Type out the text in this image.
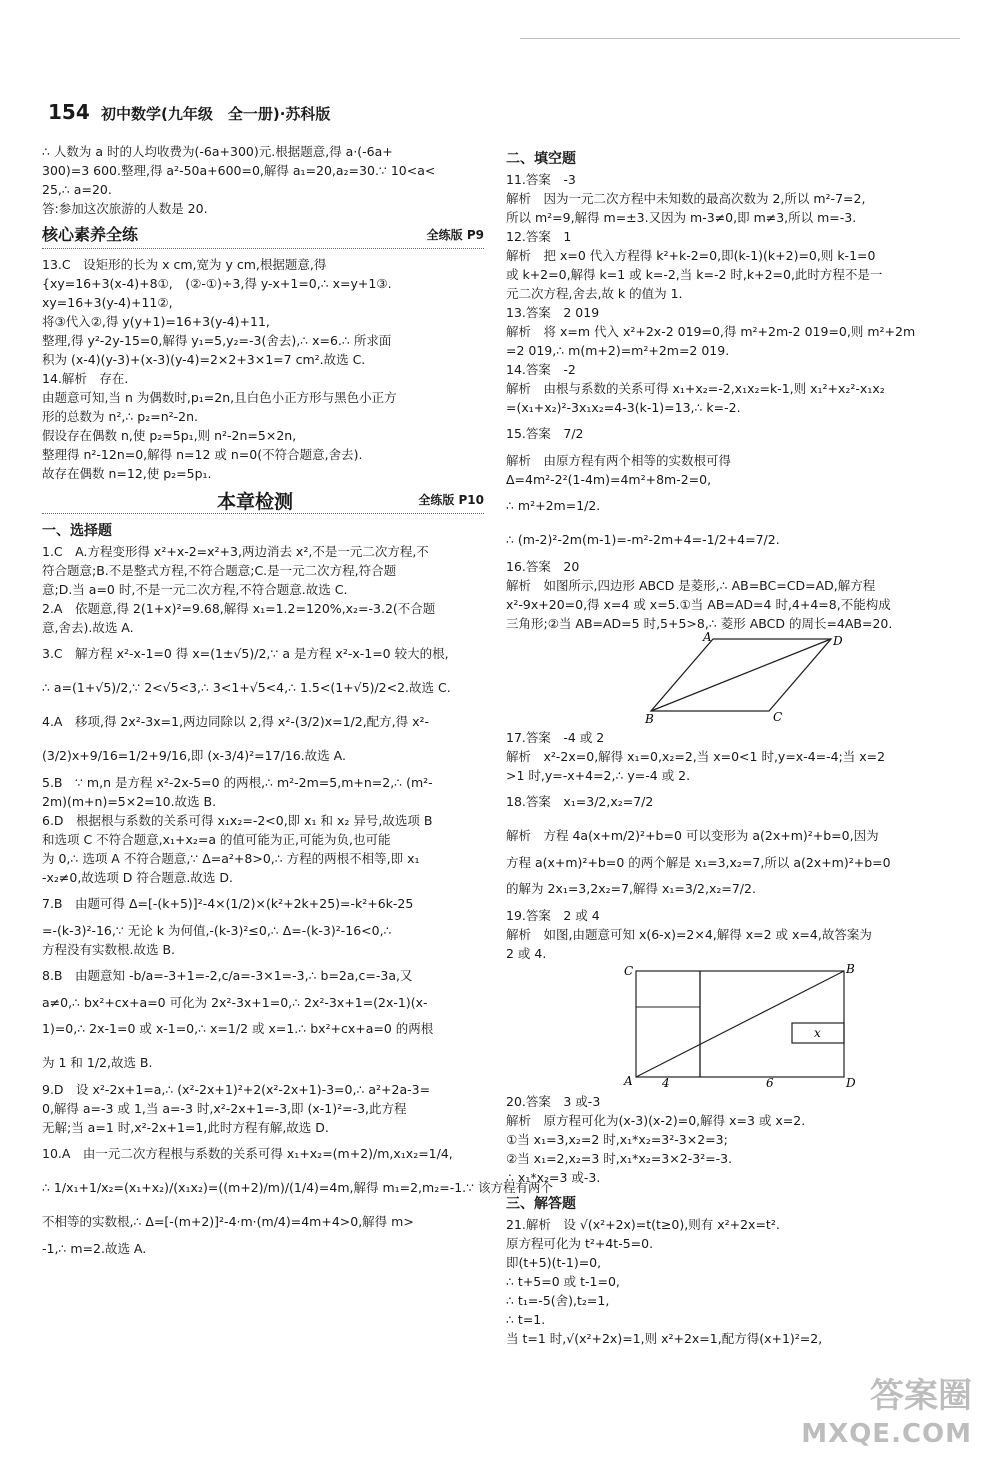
154 初中数学(九年级　全一册)·苏科版

∴ 人数为 a 时的人均收费为(-6a+300)元.根据题意,得 a·(-6a+

300)=3 600.整理,得 a²-50a+600=0,解得 a₁=20,a₂=30.∵ 10<a<

25,∴ a=20.

答:参加这次旅游的人数是 20.

核心素养全练	全练版 P9

13.C　设矩形的长为 x cm,宽为 y cm,根据题意,得

{xy=16+3(x-4)+8①,　(②-①)÷3,得 y-x+1=0,∴ x=y+1③.

xy=16+3(y-4)+11②,

将③代入②,得 y(y+1)=16+3(y-4)+11,

整理,得 y²-2y-15=0,解得 y₁=5,y₂=-3(舍去),∴ x=6.∴ 所求面

积为 (x-4)(y-3)+(x-3)(y-4)=2×2+3×1=7 cm².故选 C.

14.解析　存在.

由题意可知,当 n 为偶数时,p₁=2n,且白色小正方形与黑色小正方

形的总数为 n²,∴ p₂=n²-2n.

假设存在偶数 n,使 p₂=5p₁,则 n²-2n=5×2n,

整理得 n²-12n=0,解得 n=12 或 n=0(不符合题意,舍去).

故存在偶数 n=12,使 p₂=5p₁.

本章检测	全练版 P10

一、选择题

1.C　A.方程变形得 x²+x-2=x²+3,两边消去 x²,不是一元二次方程,不

符合题意;B.不是整式方程,不符合题意;C.是一元二次方程,符合题

意;D.当 a=0 时,不是一元二次方程,不符合题意.故选 C.

2.A　依题意,得 2(1+x)²=9.68,解得 x₁=1.2=120%,x₂=-3.2(不合题

意,舍去).故选 A.

3.C　解方程 x²-x-1=0 得 x=(1±√5)/2,∵ a 是方程 x²-x-1=0 较大的根,

∴ a=(1+√5)/2,∵ 2<√5<3,∴ 3<1+√5<4,∴ 1.5<(1+√5)/2<2.故选 C.

4.A　移项,得 2x²-3x=1,两边同除以 2,得 x²-(3/2)x=1/2,配方,得 x²-

(3/2)x+9/16=1/2+9/16,即 (x-3/4)²=17/16.故选 A.

5.B　∵ m,n 是方程 x²-2x-5=0 的两根,∴ m²-2m=5,m+n=2,∴ (m²-

2m)(m+n)=5×2=10.故选 B.

6.D　根据根与系数的关系可得 x₁x₂=-2<0,即 x₁ 和 x₂ 异号,故选项 B

和选项 C 不符合题意,x₁+x₂=a 的值可能为正,可能为负,也可能

为 0,∴ 选项 A 不符合题意,∵ Δ=a²+8>0,∴ 方程的两根不相等,即 x₁

-x₂≠0,故选项 D 符合题意.故选 D.

7.B　由题可得 Δ=[-(k+5)]²-4×(1/2)×(k²+2k+25)=-k²+6k-25

=-(k-3)²-16,∵ 无论 k 为何值,-(k-3)²≤0,∴ Δ=-(k-3)²-16<0,∴

方程没有实数根.故选 B.

8.B　由题意知 -b/a=-3+1=-2,c/a=-3×1=-3,∴ b=2a,c=-3a,又

a≠0,∴ bx²+cx+a=0 可化为 2x²-3x+1=0,∴ 2x²-3x+1=(2x-1)(x-

1)=0,∴ 2x-1=0 或 x-1=0,∴ x=1/2 或 x=1.∴ bx²+cx+a=0 的两根

为 1 和 1/2,故选 B.

9.D　设 x²-2x+1=a,∴ (x²-2x+1)²+2(x²-2x+1)-3=0,∴ a²+2a-3=

0,解得 a=-3 或 1,当 a=-3 时,x²-2x+1=-3,即 (x-1)²=-3,此方程

无解;当 a=1 时,x²-2x+1=1,此时方程有解,故选 D.

10.A　由一元二次方程根与系数的关系可得 x₁+x₂=(m+2)/m,x₁x₂=1/4,

∴ 1/x₁+1/x₂=(x₁+x₂)/(x₁x₂)=((m+2)/m)/(1/4)=4m,解得 m₁=2,m₂=-1.∵ 该方程有两个

不相等的实数根,∴ Δ=[-(m+2)]²-4·m·(m/4)=4m+4>0,解得 m>

-1,∴ m=2.故选 A.

二、填空题

11.答案　-3

解析　因为一元二次方程中未知数的最高次数为 2,所以 m²-7=2,

所以 m²=9,解得 m=±3.又因为 m-3≠0,即 m≠3,所以 m=-3.

12.答案　1

解析　把 x=0 代入方程得 k²+k-2=0,即(k-1)(k+2)=0,则 k-1=0

或 k+2=0,解得 k=1 或 k=-2,当 k=-2 时,k+2=0,此时方程不是一

元二次方程,舍去,故 k 的值为 1.

13.答案　2 019

解析　将 x=m 代入 x²+2x-2 019=0,得 m²+2m-2 019=0,则 m²+2m

=2 019,∴ m(m+2)=m²+2m=2 019.

14.答案　-2

解析　由根与系数的关系可得 x₁+x₂=-2,x₁x₂=k-1,则 x₁²+x₂²-x₁x₂

=(x₁+x₂)²-3x₁x₂=4-3(k-1)=13,∴ k=-2.

15.答案　7/2

解析　由原方程有两个相等的实数根可得

Δ=4m²-2²(1-4m)=4m²+8m-2=0,

∴ m²+2m=1/2.

∴ (m-2)²-2m(m-1)=-m²-2m+4=-1/2+4=7/2.

16.答案　20

解析　如图所示,四边形 ABCD 是菱形,∴ AB=BC=CD=AD,解方程

x²-9x+20=0,得 x=4 或 x=5.①当 AB=AD=4 时,4+4=8,不能构成

三角形;②当 AB=AD=5 时,5+5>8,∴ 菱形 ABCD 的周长=4AB=20.

A	D
B	C

17.答案　-4 或 2

解析　x²-2x=0,解得 x₁=0,x₂=2,当 x=0<1 时,y=x-4=-4;当 x=2

>1 时,y=-x+4=2,∴ y=-4 或 2.

18.答案　x₁=3/2,x₂=7/2

解析　方程 4a(x+m/2)²+b=0 可以变形为 a(2x+m)²+b=0,因为

方程 a(x+m)²+b=0 的两个解是 x₁=3,x₂=7,所以 a(2x+m)²+b=0

的解为 2x₁=3,2x₂=7,解得 x₁=3/2,x₂=7/2.

19.答案　2 或 4

解析　如图,由题意可知 x(6-x)=2×4,解得 x=2 或 x=4,故答案为

2 或 4.

C	B
A	D
4	6
x

20.答案　3 或-3

解析　原方程可化为(x-3)(x-2)=0,解得 x=3 或 x=2.

①当 x₁=3,x₂=2 时,x₁*x₂=3²-3×2=3;

②当 x₁=2,x₂=3 时,x₁*x₂=3×2-3²=-3.

∴ x₁*x₂=3 或-3.

三、解答题

21.解析　设 √(x²+2x)=t(t≥0),则有 x²+2x=t².

原方程可化为 t²+4t-5=0.

即(t+5)(t-1)=0,

∴ t+5=0 或 t-1=0,

∴ t₁=-5(舍),t₂=1,

∴ t=1.

当 t=1 时,√(x²+2x)=1,则 x²+2x=1,配方得(x+1)²=2,

答案圈
MXQE.COM
